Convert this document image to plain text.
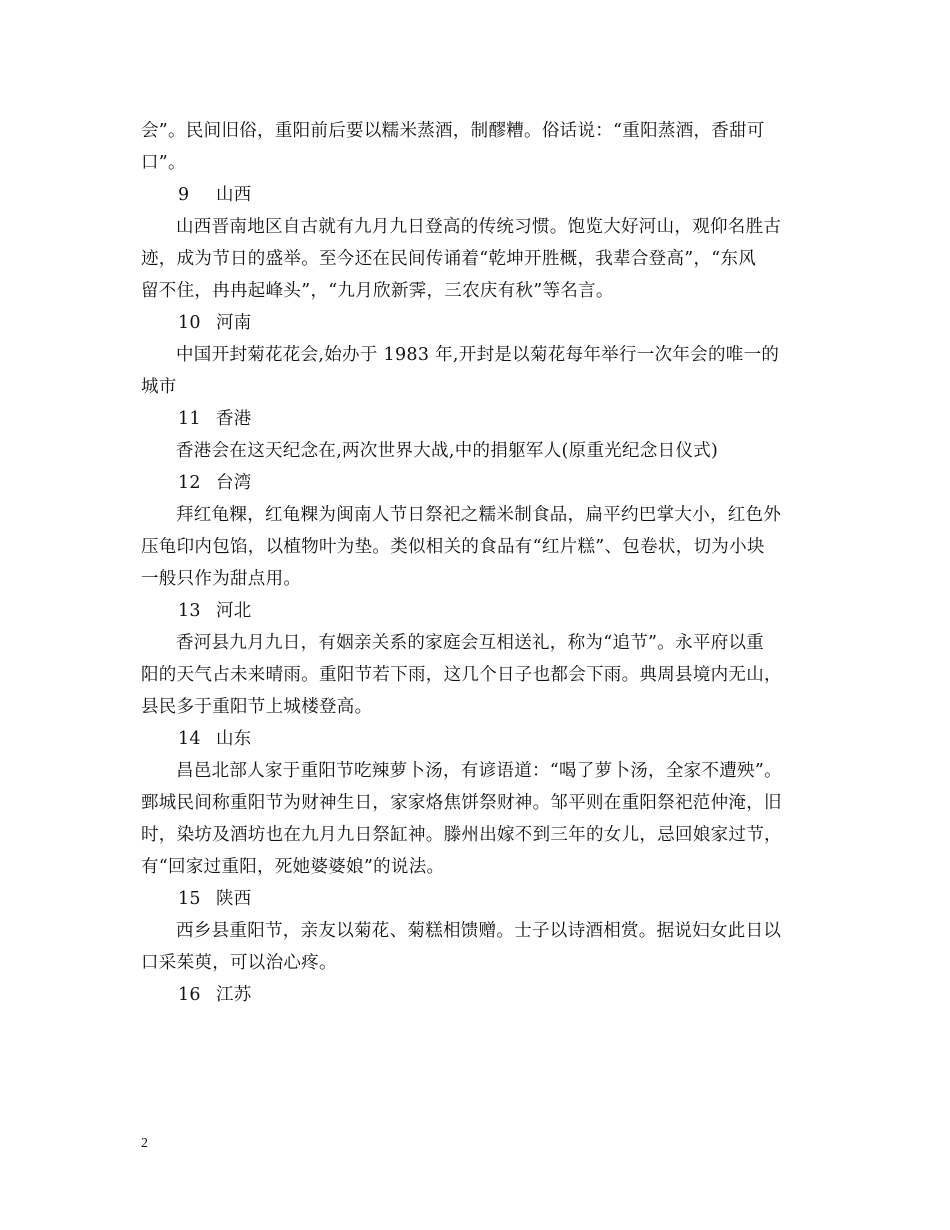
会”。民间旧俗，重阳前后要以糯米蒸酒，制醪糟。俗话说：“重阳蒸酒，香甜可
口”。
9 山西
山西晋南地区自古就有九月九日登高的传统习惯。饱览大好河山，观仰名胜古
迹，成为节日的盛举。至今还在民间传诵着“乾坤开胜概，我辈合登高”，“东风
留不住，冉冉起峰头”，“九月欣新霁，三农庆有秋”等名言。
10 河南
中国开封菊花花会,始办于 1983 年,开封是以菊花每年举行一次年会的唯一的
城市
11 香港
香港会在这天纪念在,两次世界大战,中的捐躯军人(原重光纪念日仪式)
12 台湾
拜红龟粿，红龟粿为闽南人节日祭祀之糯米制食品，扁平约巴掌大小，红色外
压龟印内包馅，以植物叶为垫。类似相关的食品有“红片糕”、包卷状，切为小块
一般只作为甜点用。
13 河北
香河县九月九日，有姻亲关系的家庭会互相送礼，称为“追节”。永平府以重
阳的天气占未来晴雨。重阳节若下雨，这几个日子也都会下雨。典周县境内无山，
县民多于重阳节上城楼登高。
14 山东
昌邑北部人家于重阳节吃辣萝卜汤，有谚语道：“喝了萝卜汤，全家不遭殃”。
鄄城民间称重阳节为财神生日，家家烙焦饼祭财神。邹平则在重阳祭祀范仲淹，旧
时，染坊及酒坊也在九月九日祭缸神。滕州出嫁不到三年的女儿，忌回娘家过节，
有“回家过重阳，死她婆婆娘”的说法。
15 陕西
西乡县重阳节，亲友以菊花、菊糕相馈赠。士子以诗酒相赏。据说妇女此日以
口采茱萸，可以治心疼。
16 江苏
2
